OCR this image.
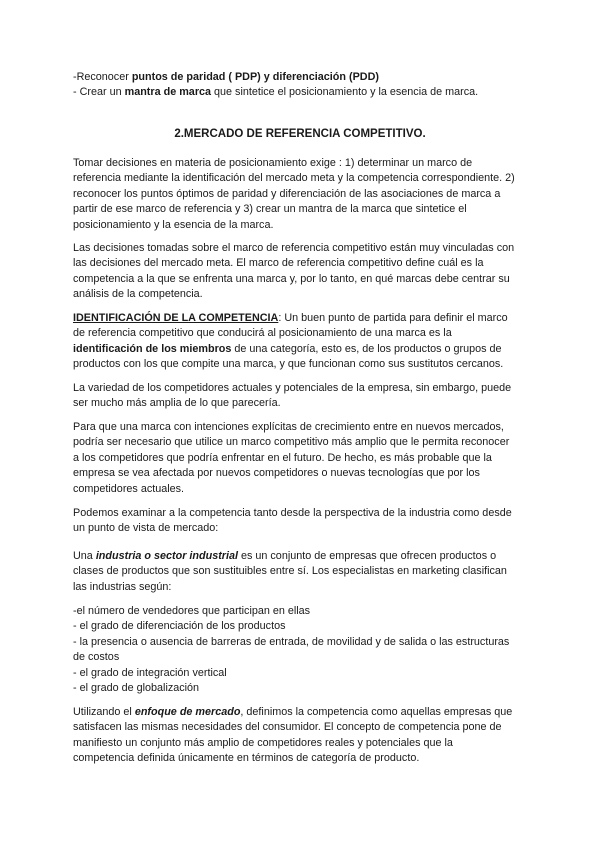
-Reconocer puntos de paridad ( PDP) y diferenciación (PDD)
- Crear un mantra de marca que sintetice el posicionamiento y la esencia de marca.
2.MERCADO DE REFERENCIA COMPETITIVO.
Tomar decisiones en materia de posicionamiento exige : 1) determinar un marco de
referencia mediante la identificación del mercado meta y la competencia correspondiente. 2)
reconocer los puntos óptimos de paridad y diferenciación de las asociaciones de marca a
partir de ese marco de referencia y 3) crear un mantra de la marca que sintetice el
posicionamiento y la esencia de la marca.
Las decisiones tomadas sobre el marco de referencia competitivo están muy vinculadas con
las decisiones del mercado meta. El marco de referencia competitivo define cuál es la
competencia a la que se enfrenta una marca y, por lo tanto, en qué marcas debe centrar su
análisis de la competencia.
IDENTIFICACIÓN DE LA COMPETENCIA: Un buen punto de partida para definir el marco
de referencia competitivo que conducirá al posicionamiento de una marca es la
identificación de los miembros de una categoría, esto es, de los productos o grupos de
productos con los que compite una marca, y que funcionan como sus sustitutos cercanos.
La variedad de los competidores actuales y potenciales de la empresa, sin embargo, puede
ser mucho más amplia de lo que parecería.
Para que una marca con intenciones explícitas de crecimiento entre en nuevos mercados,
podría ser necesario que utilice un marco competitivo más amplio que le permita reconocer
a los competidores que podría enfrentar en el futuro. De hecho, es más probable que la
empresa se vea afectada por nuevos competidores o nuevas tecnologías que por los
competidores actuales.
Podemos examinar a la competencia tanto desde la perspectiva de la industria como desde
un punto de vista de mercado:
Una industria o sector industrial es un conjunto de empresas que ofrecen productos o
clases de productos que son sustituibles entre sí. Los especialistas en marketing clasifican
las industrias según:
-el número de vendedores que participan en ellas
- el grado de diferenciación de los productos
- la presencia o ausencia de barreras de entrada, de movilidad y de salida o las estructuras
de costos
- el grado de integración vertical
- el grado de globalización
Utilizando el enfoque de mercado, definimos la competencia como aquellas empresas que
satisfacen las mismas necesidades del consumidor. El concepto de competencia pone de
manifiesto un conjunto más amplio de competidores reales y potenciales que la
competencia definida únicamente en términos de categoría de producto.
